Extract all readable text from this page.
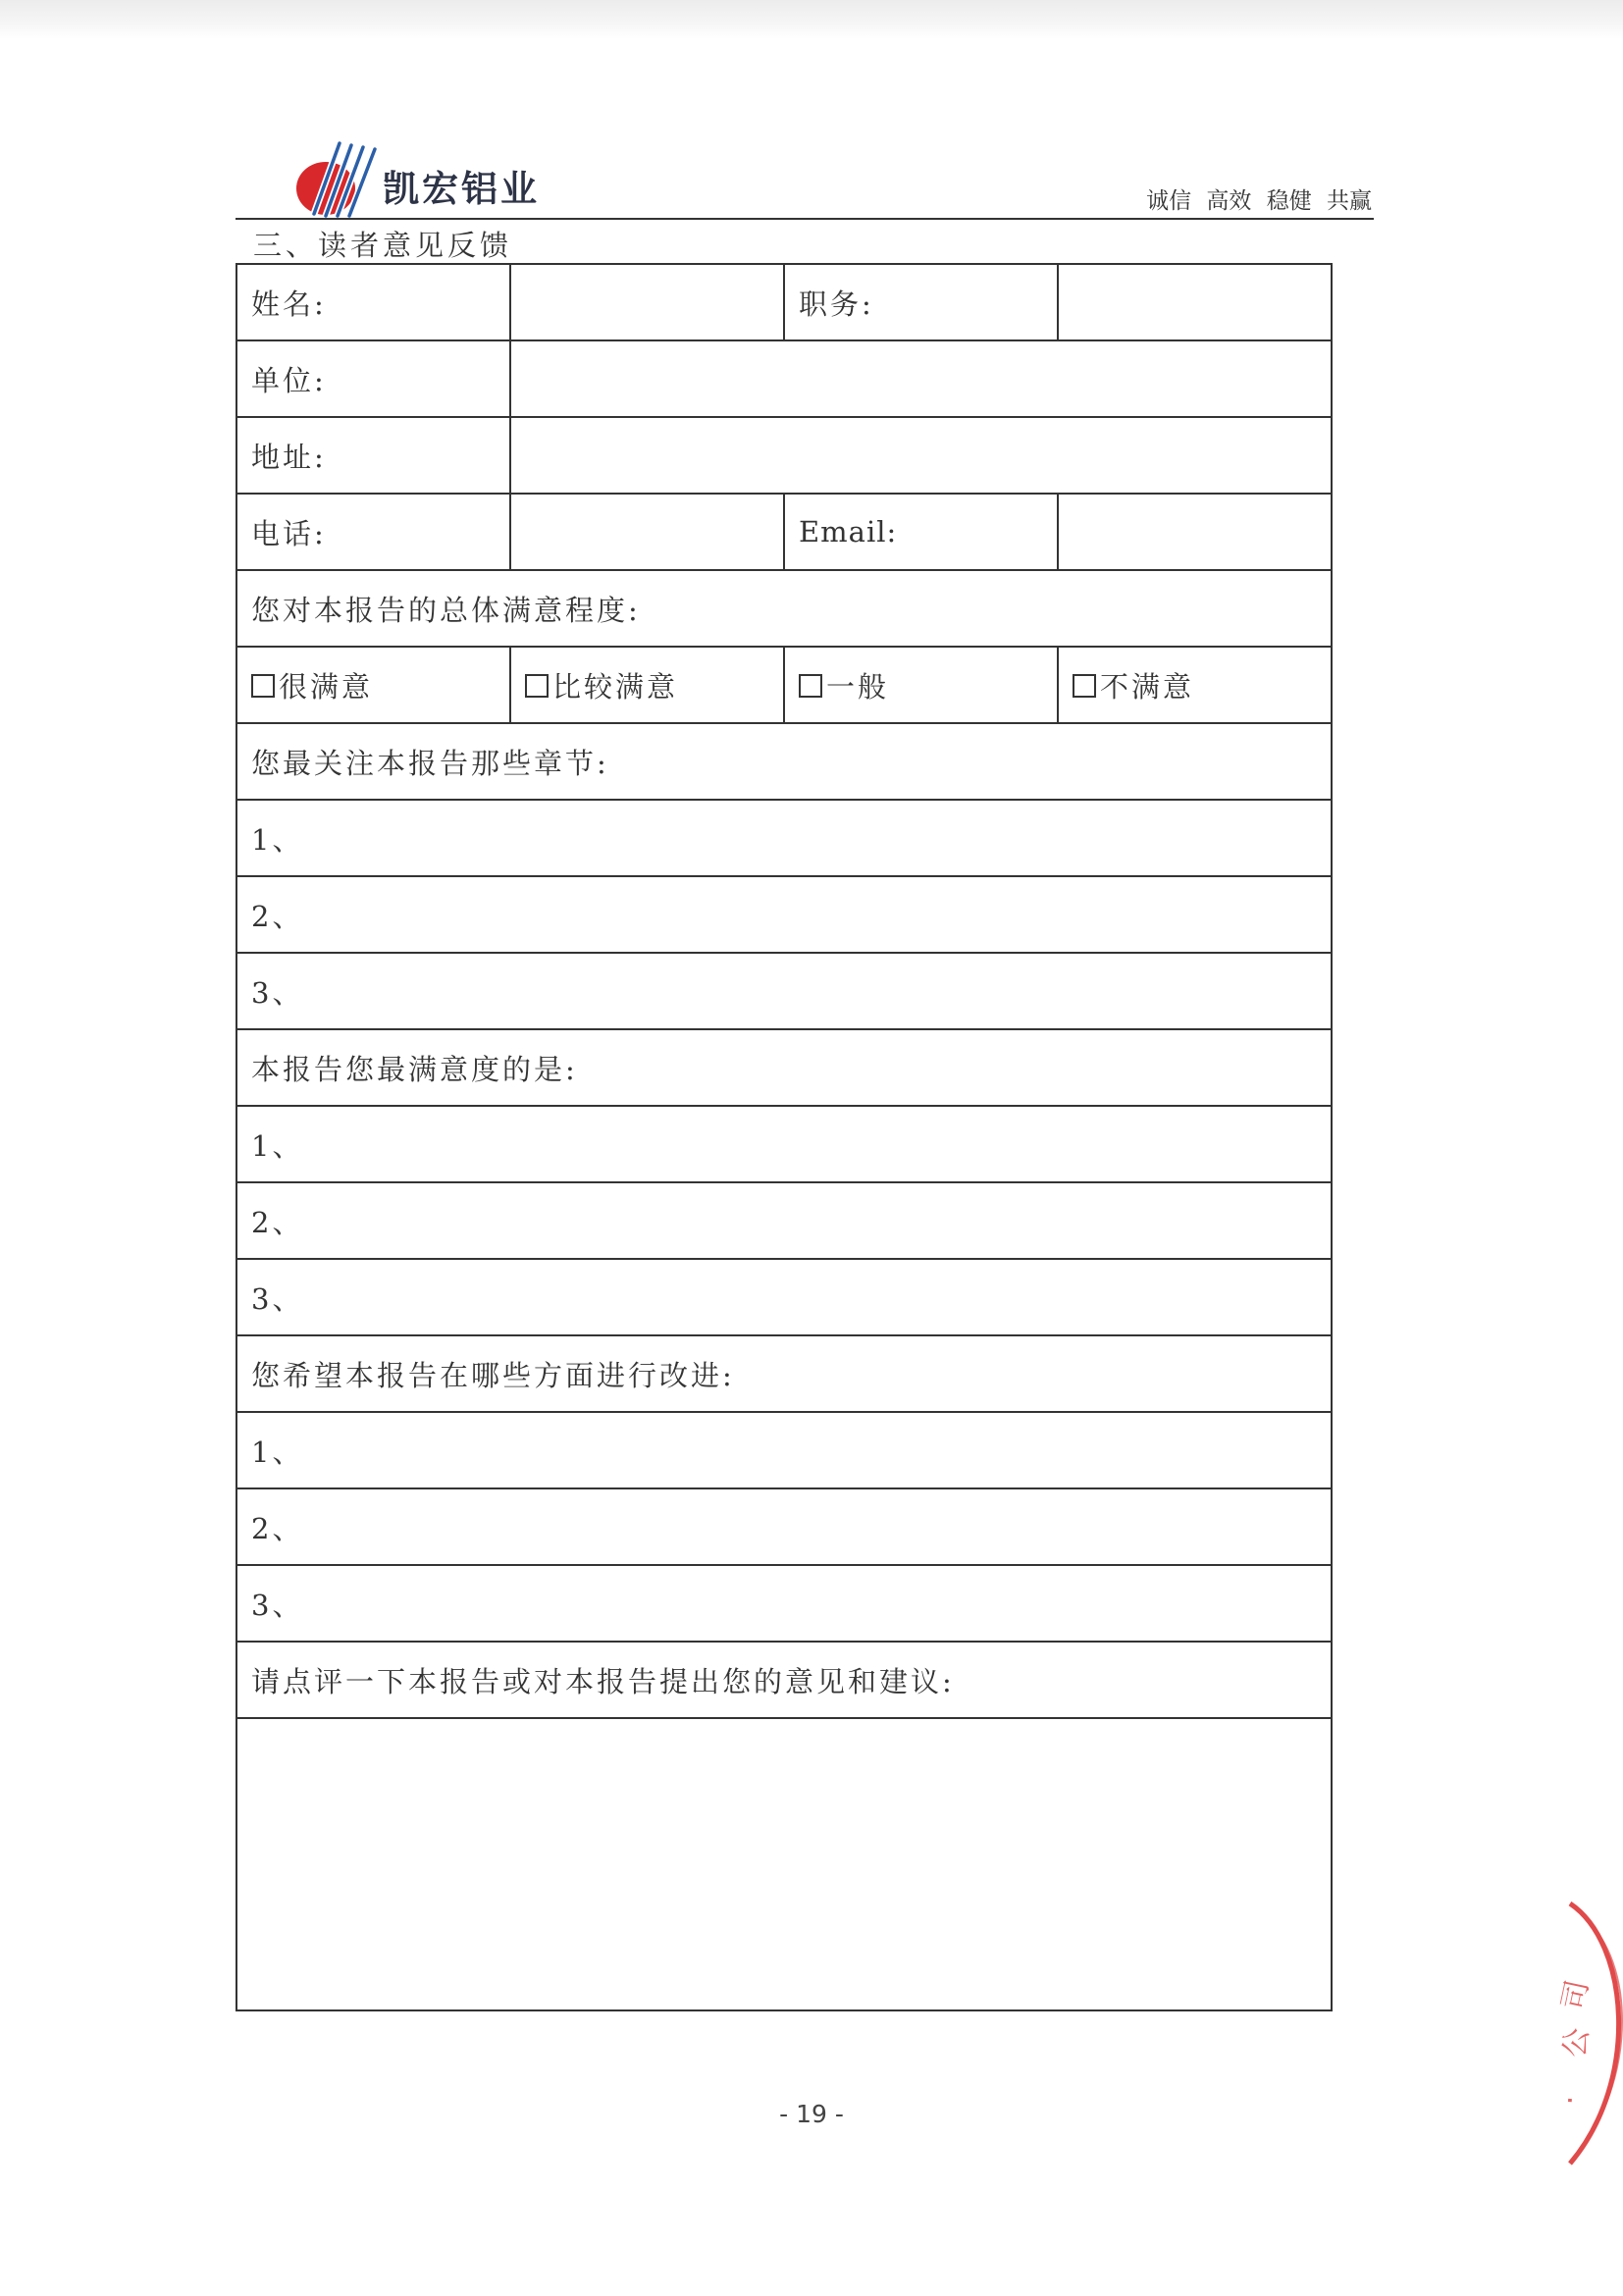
凯宏铝业	诚信 高效 稳健 共赢
三、读者意见反馈
姓名:		职务:	
单位:			
地址:			
电话:		Email:	
您对本报告的总体满意程度:			
很满意	比较满意	一般	不满意
您最关注本报告那些章节:			
1、			
2、			
3、			
本报告您最满意度的是:			
1、			
2、			
3、			
您希望本报告在哪些方面进行改进:			
1、			
2、			
3、			
请点评一下本报告或对本报告提出您的意见和建议:			

- 19 -
司
公
·
